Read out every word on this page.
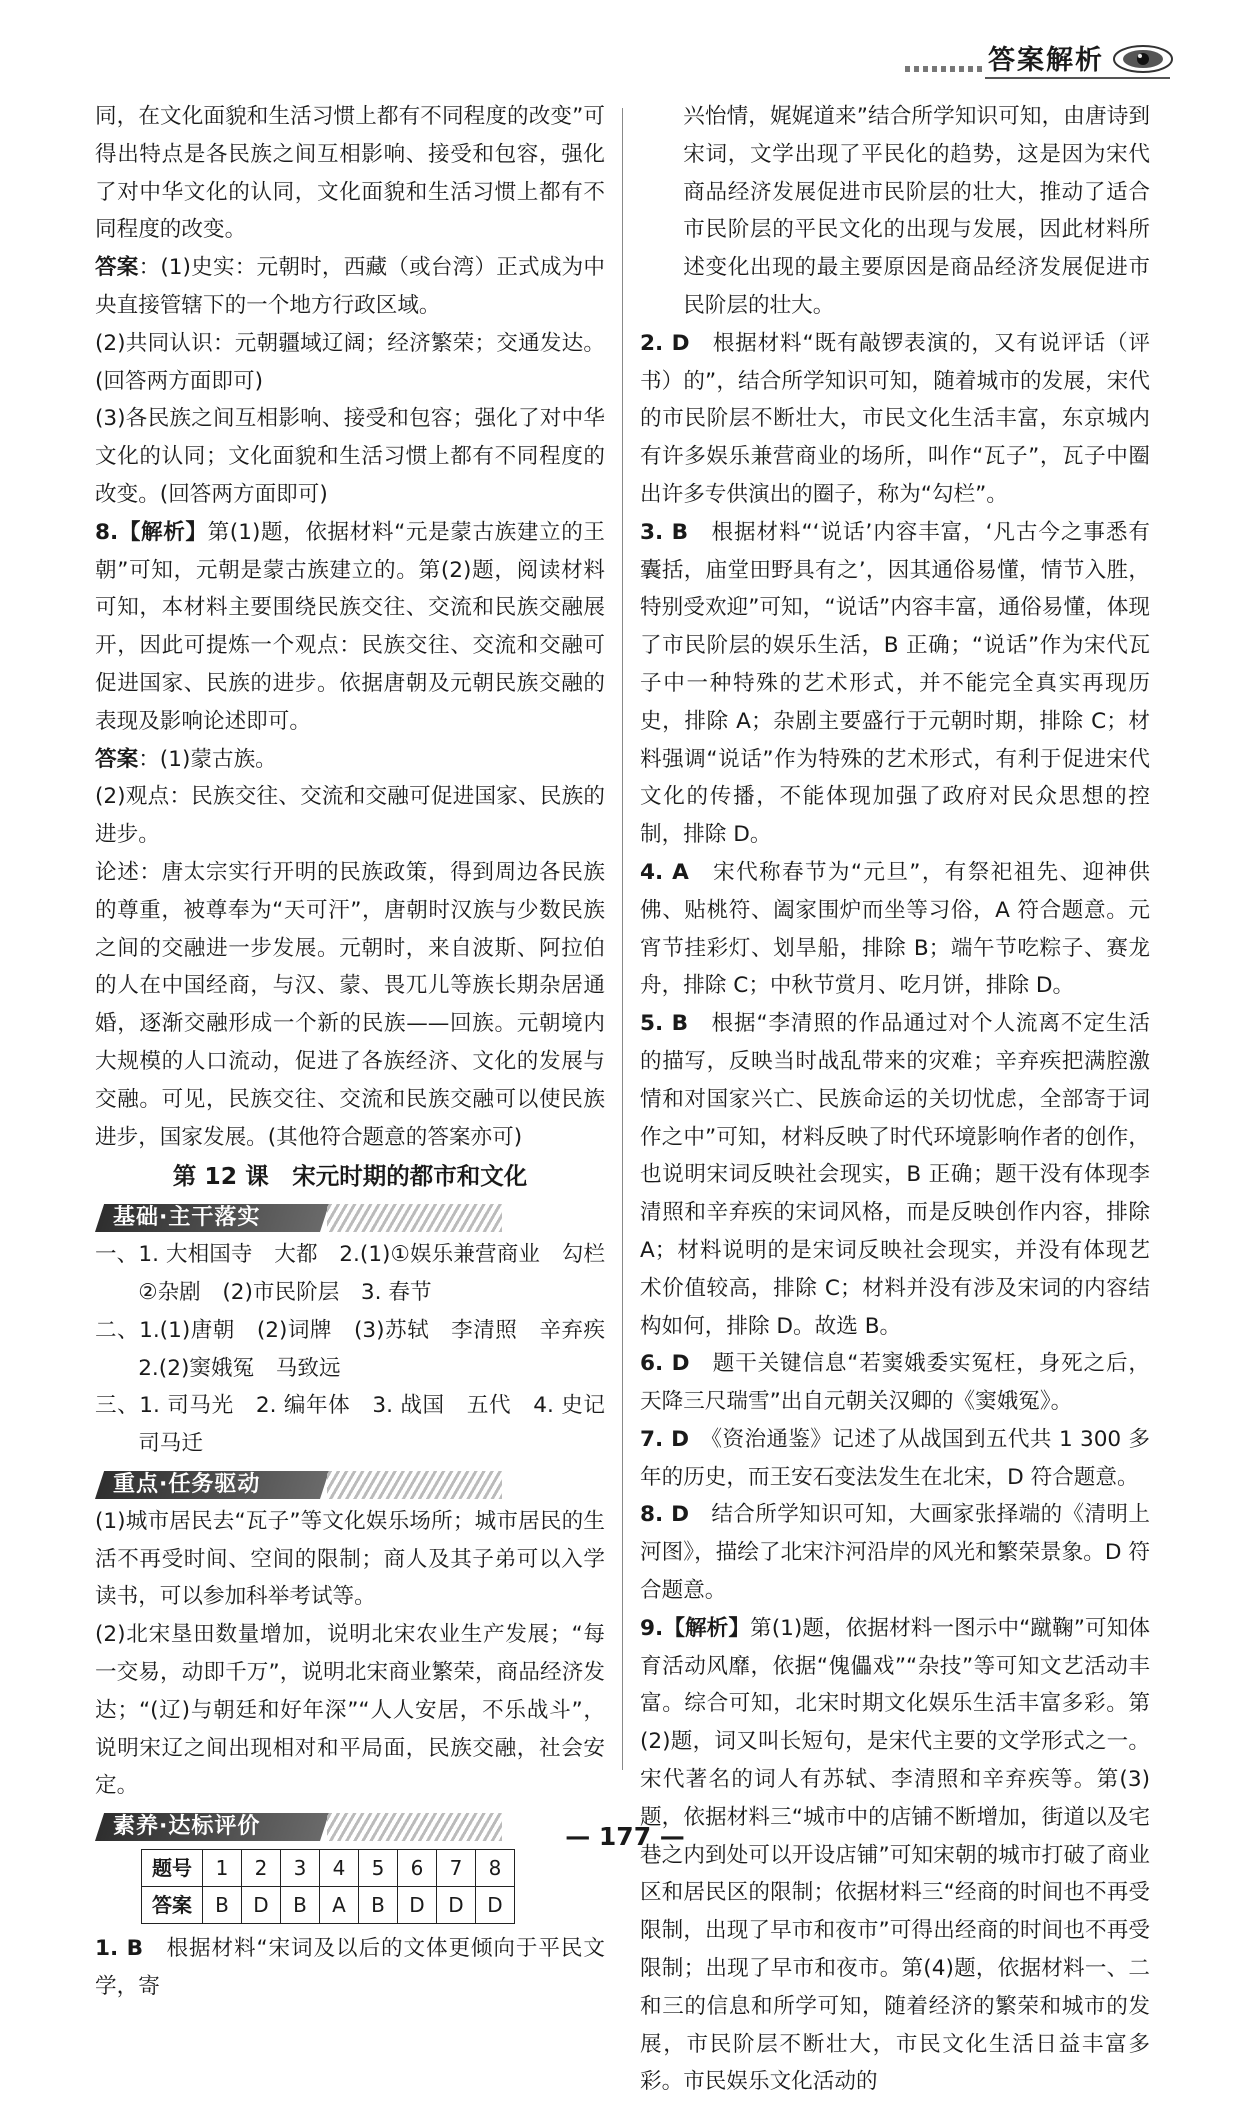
答案解析

同，在文化面貌和生活习惯上都有不同程度的改变”可得出特点是各民族之间互相影响、接受和包容，强化了对中华文化的认同，文化面貌和生活习惯上都有不同程度的改变。

答案：(1)史实：元朝时，西藏（或台湾）正式成为中央直接管辖下的一个地方行政区域。

(2)共同认识：元朝疆域辽阔；经济繁荣；交通发达。(回答两方面即可)

(3)各民族之间互相影响、接受和包容；强化了对中华文化的认同；文化面貌和生活习惯上都有不同程度的改变。(回答两方面即可)

8.【解析】第(1)题，依据材料“元是蒙古族建立的王朝”可知，元朝是蒙古族建立的。第(2)题，阅读材料可知，本材料主要围绕民族交往、交流和民族交融展开，因此可提炼一个观点：民族交往、交流和交融可促进国家、民族的进步。依据唐朝及元朝民族交融的表现及影响论述即可。

答案：(1)蒙古族。

(2)观点：民族交往、交流和交融可促进国家、民族的进步。

论述：唐太宗实行开明的民族政策，得到周边各民族的尊重，被尊奉为“天可汗”，唐朝时汉族与少数民族之间的交融进一步发展。元朝时，来自波斯、阿拉伯的人在中国经商，与汉、蒙、畏兀儿等族长期杂居通婚，逐渐交融形成一个新的民族——回族。元朝境内大规模的人口流动，促进了各族经济、文化的发展与交融。可见，民族交往、交流和民族交融可以使民族进步，国家发展。(其他符合题意的答案亦可)

第 12 课　宋元时期的都市和文化

基础·主干落实

一、1. 大相国寺　大都　2.(1)①娱乐兼营商业　勾栏　②杂剧　(2)市民阶层　3. 春节

二、1.(1)唐朝　(2)词牌　(3)苏轼　李清照　辛弃疾　2.(2)窦娥冤　马致远

三、1. 司马光　2. 编年体　3. 战国　五代　4. 史记　司马迁

重点·任务驱动

(1)城市居民去“瓦子”等文化娱乐场所；城市居民的生活不再受时间、空间的限制；商人及其子弟可以入学读书，可以参加科举考试等。

(2)北宋垦田数量增加，说明北宋农业生产发展；“每一交易，动即千万”，说明北宋商业繁荣，商品经济发达；“(辽)与朝廷和好年深”“人人安居，不乐战斗”，说明宋辽之间出现相对和平局面，民族交融，社会安定。

素养·达标评价
题号	1	2	3	4	5	6	7	8
答案	B	D	B	A	B	D	D	D

1. B　 根据材料“宋词及以后的文体更倾向于平民文学，寄

兴怡情，娓娓道来”结合所学知识可知，由唐诗到宋词，文学出现了平民化的趋势，这是因为宋代商品经济发展促进市民阶层的壮大，推动了适合市民阶层的平民文化的出现与发展，因此材料所述变化出现的最主要原因是商品经济发展促进市民阶层的壮大。

2. D　 根据材料“既有敲锣表演的，又有说评话（评书）的”，结合所学知识可知，随着城市的发展，宋代的市民阶层不断壮大，市民文化生活丰富，东京城内有许多娱乐兼营商业的场所，叫作“瓦子”，瓦子中圈出许多专供演出的圈子，称为“勾栏”。

3. B　 根据材料“‘说话’内容丰富，‘凡古今之事悉有囊括，庙堂田野具有之’，因其通俗易懂，情节入胜，特别受欢迎”可知，“说话”内容丰富，通俗易懂，体现了市民阶层的娱乐生活，B 正确；“说话”作为宋代瓦子中一种特殊的艺术形式，并不能完全真实再现历史，排除 A；杂剧主要盛行于元朝时期，排除 C；材料强调“说话”作为特殊的艺术形式，有利于促进宋代文化的传播，不能体现加强了政府对民众思想的控制，排除 D。

4. A　 宋代称春节为“元旦”，有祭祀祖先、迎神供佛、贴桃符、阖家围炉而坐等习俗，A 符合题意。元宵节挂彩灯、划旱船，排除 B；端午节吃粽子、赛龙舟，排除 C；中秋节赏月、吃月饼，排除 D。

5. B　 根据“李清照的作品通过对个人流离不定生活的描写，反映当时战乱带来的灾难；辛弃疾把满腔激情和对国家兴亡、民族命运的关切忧虑，全部寄于词作之中”可知，材料反映了时代环境影响作者的创作，也说明宋词反映社会现实，B 正确；题干没有体现李清照和辛弃疾的宋词风格，而是反映创作内容，排除 A；材料说明的是宋词反映社会现实，并没有体现艺术价值较高，排除 C；材料并没有涉及宋词的内容结构如何，排除 D。故选 B。

6. D　 题干关键信息“若窦娥委实冤枉，身死之后，天降三尺瑞雪”出自元朝关汉卿的《窦娥冤》。

7. D　 《资治通鉴》记述了从战国到五代共 1 300 多年的历史，而王安石变法发生在北宋，D 符合题意。

8. D　 结合所学知识可知，大画家张择端的《清明上河图》，描绘了北宋汴河沿岸的风光和繁荣景象。D 符合题意。

9.【解析】第(1)题，依据材料一图示中“蹴鞠”可知体育活动风靡，依据“傀儡戏”“杂技”等可知文艺活动丰富。综合可知，北宋时期文化娱乐生活丰富多彩。第(2)题，词又叫长短句，是宋代主要的文学形式之一。宋代著名的词人有苏轼、李清照和辛弃疾等。第(3)题，依据材料三“城市中的店铺不断增加，街道以及宅巷之内到处可以开设店铺”可知宋朝的城市打破了商业区和居民区的限制；依据材料三“经商的时间也不再受限制，出现了早市和夜市”可得出经商的时间也不再受限制；出现了早市和夜市。第(4)题，依据材料一、二和三的信息和所学可知，随着经济的繁荣和城市的发展，市民阶层不断壮大，市民文化生活日益丰富多彩。市民娱乐文化活动的

— 177 —
